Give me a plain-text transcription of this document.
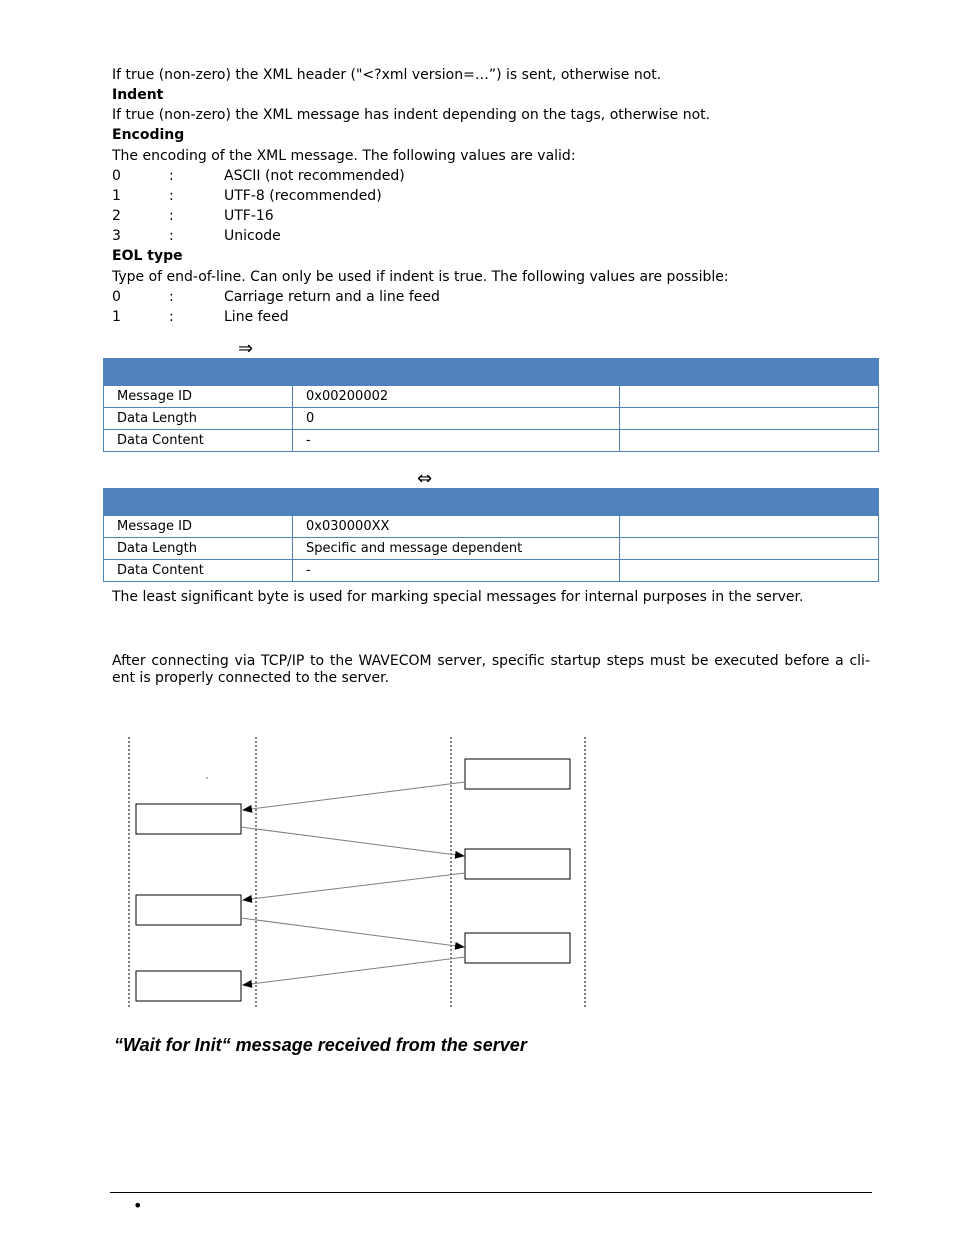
If true (non-zero) the XML header ("<?xml version=…”) is sent, otherwise not.
Indent
If true (non-zero) the XML message has indent depending on the tags, otherwise not.
Encoding
The encoding of the XML message. The following values are valid:
0	:	ASCII (not recommended)
1	:	UTF-8 (recommended)
2	:	UTF-16
3	:	Unicode
EOL type
Type of end-of-line. Can only be used if indent is true. The following values are possible:
0	:	Carriage return and a line feed
1	:	Line feed
⇒

Message ID	0x00200002	
Data Length	0	
Data Content	-	
⇔

Message ID	0x030000XX	
Data Length	Specific and message dependent	
Data Content	-	
The least significant byte is used for marking special messages for internal purposes in the server.
After connecting via TCP/IP to the WAVECOM server, specific startup steps must be executed before a cli-ent is properly connected to the server.
“Wait for Init“ message received from the server
•
